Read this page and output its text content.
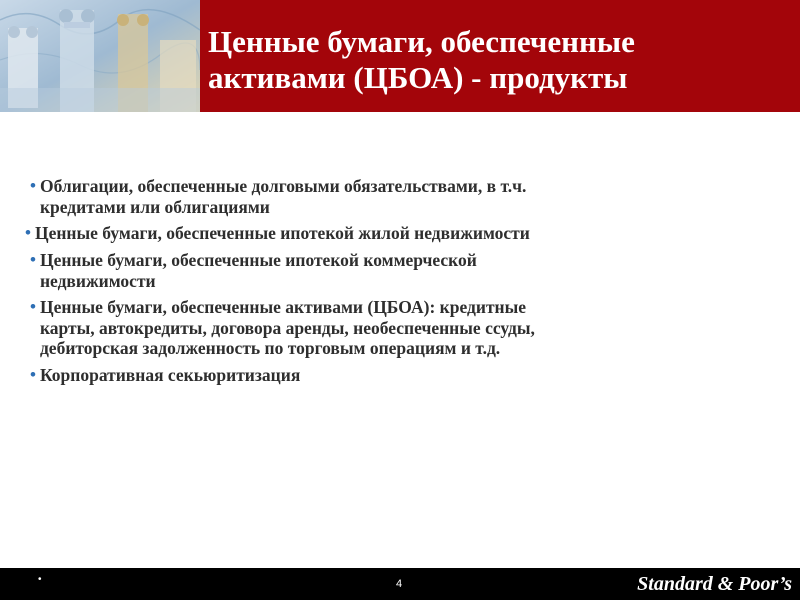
Ценные бумаги, обеспеченные
активами (ЦБОА) - продукты
• Облигации, обеспеченные долговыми обязательствами, в т.ч.
кредитами или облигациями
• Ценные бумаги, обеспеченные ипотекой жилой недвижимости
• Ценные бумаги, обеспеченные ипотекой коммерческой
недвижимости
• Ценные бумаги, обеспеченные активами (ЦБОА): кредитные
карты, автокредиты, договора аренды, необеспеченные ссуды,
дебиторская задолженность по торговым операциям и т.д.
• Корпоративная секьюритизация
•	4	Standard & Poor’s
